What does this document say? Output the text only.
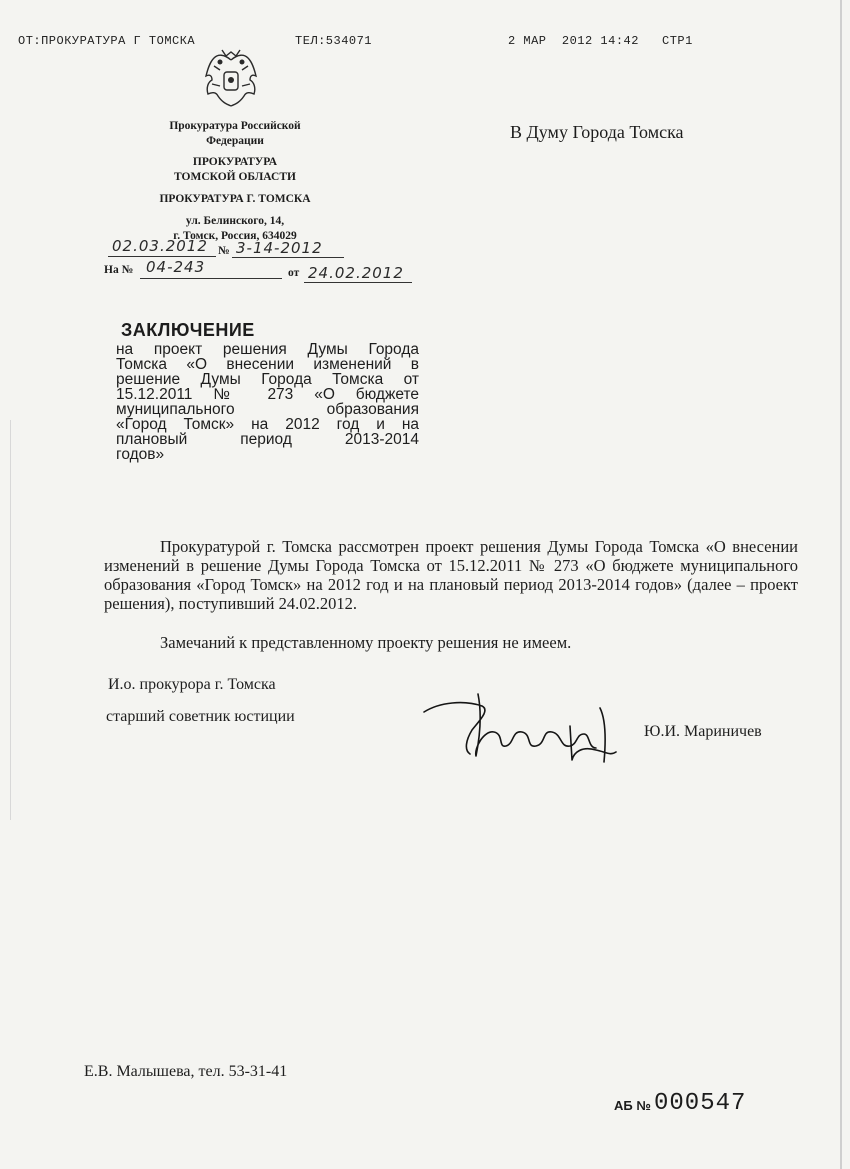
ОТ:ПРОКУРАТУРА Г ТОМСКА	ТЕЛ:534071	2 МАР  2012 14:42 СТР1
Прокуратура Российской
Федерации
ПРОКУРАТУРА
ТОМСКОЙ ОБЛАСТИ
ПРОКУРАТУРА Г. ТОМСКА
ул. Белинского, 14,
г. Томск, Россия, 634029
02.03.2012 № 3-14-2012
На № 04-243	от 24.02.2012
В Думу Города Томска
ЗАКЛЮЧЕНИЕ
на проект решения Думы Города
Томска «О внесении изменений в
решение Думы Города Томска от
15.12.2011 № 273 «О бюджете
муниципального образования
«Город Томск» на 2012 год и на
плановый период 2013-2014
годов»
Прокуратурой г. Томска рассмотрен проект решения Думы Города Томска «О внесении изменений в решение Думы Города Томска от 15.12.2011 № 273 «О бюджете муниципального образования «Город Томск» на 2012 год и на плановый период 2013-2014 годов» (далее – проект решения), поступивший 24.02.2012.
Замечаний к представленному проекту решения не имеем.
И.о. прокурора г. Томска
старший советник юстиции
Ю.И. Мариничев
Е.В. Малышева, тел. 53-31-41
АБ № 000547
